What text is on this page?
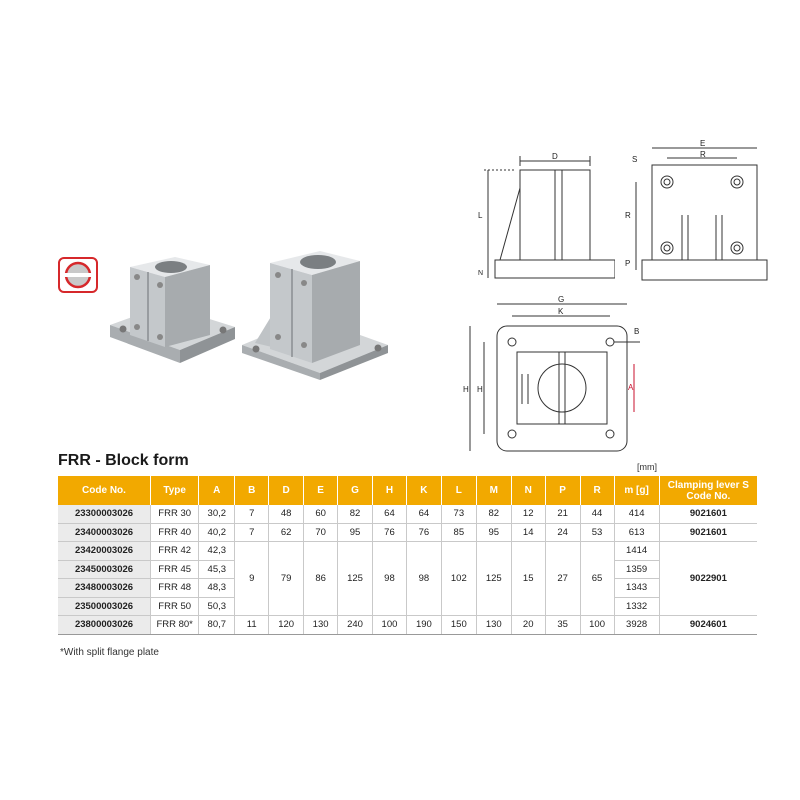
D
L
N
E
R
S
R
P
G
K
B
A
H H
FRR - Block form	[mm]
Code No.	Type	A	B	D	E	G	H	K	L	M	N	P	R	m [g]	Clamping lever S Code No.
23300003026	FRR 30	30,2	7	48	60	82	64	64	73	82	12	21	44	414	9021601
23400003026	FRR 40	40,2	7	62	70	95	76	76	85	95	14	24	53	613	9021601
23420003026	FRR 42	42,3	9	79	86	125	98	98	102	125	15	27	65	1414	9022901
23450003026	FRR 45	45,3												1359	
23480003026	FRR 48	48,3												1343	
23500003026	FRR 50	50,3												1332	
23800003026	FRR 80*	80,7	11	120	130	240	100	190	150	130	20	35	100	3928	9024601
*With split flange plate
